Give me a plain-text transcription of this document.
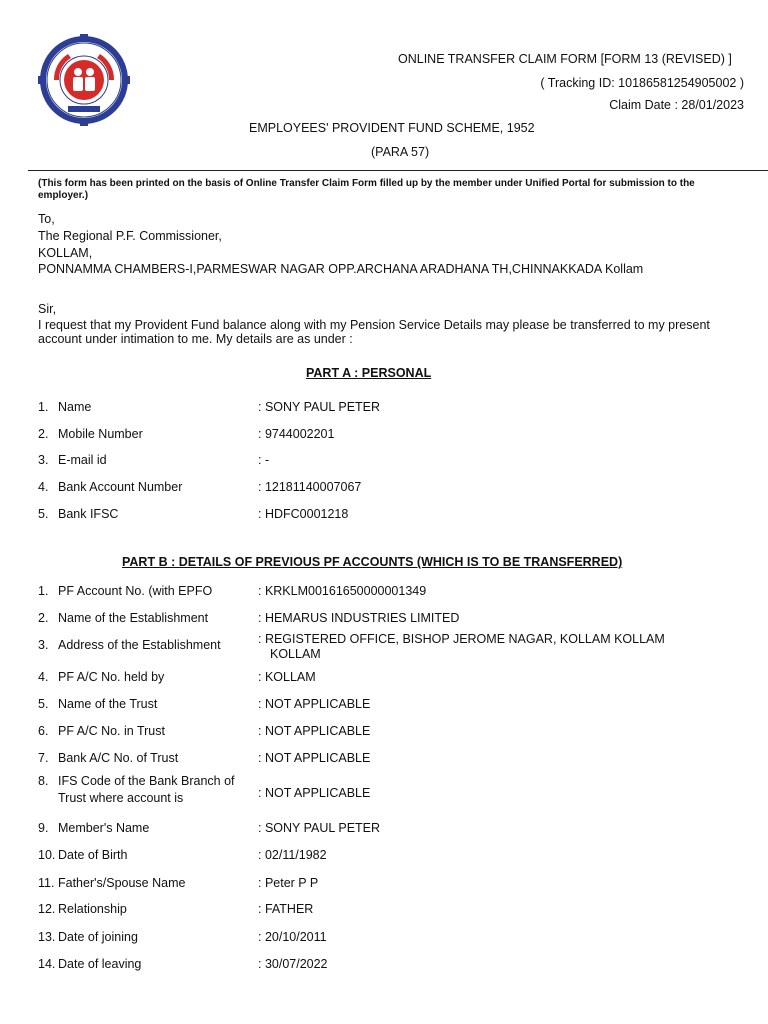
ONLINE TRANSFER CLAIM FORM [FORM 13 (REVISED) ]
( Tracking ID: 10186581254905002 )
Claim Date : 28/01/2023
EMPLOYEES' PROVIDENT FUND SCHEME, 1952
(PARA 57)
(This form has been printed on the basis of Online Transfer Claim Form filled up by the member under Unified Portal for submission to the employer.)
To,
The Regional P.F. Commissioner,
KOLLAM,
PONNAMMA CHAMBERS-I,PARMESWAR NAGAR OPP.ARCHANA ARADHANA TH,CHINNAKKADA Kollam
Sir,
I request that my Provident Fund balance along with my Pension Service Details may please be transferred to my present
account under intimation to me. My details are as under :
PART A : PERSONAL
1. Name	: SONY PAUL PETER
2. Mobile Number	: 9744002201
3. E-mail id	: -
4. Bank Account Number	: 12181140007067
5. Bank IFSC	: HDFC0001218
PART B : DETAILS OF PREVIOUS PF ACCOUNTS (WHICH IS TO BE TRANSFERRED)
1. PF Account No. (with EPFO	: KRKLM00161650000001349
2. Name of the Establishment	: HEMARUS INDUSTRIES LIMITED
3. Address of the Establishment	: REGISTERED OFFICE, BISHOP JEROME NAGAR, KOLLAM KOLLAM
KOLLAM
4. PF A/C No. held by	: KOLLAM
5. Name of the Trust	: NOT APPLICABLE
6. PF A/C No. in Trust	: NOT APPLICABLE
7. Bank A/C No. of Trust	: NOT APPLICABLE
8. IFS Code of the Bank Branch of
Trust where account is	: NOT APPLICABLE
9. Member's Name	: SONY PAUL PETER
10. Date of Birth	: 02/11/1982
11. Father's/Spouse Name	: Peter P P
12. Relationship	: FATHER
13. Date of joining	: 20/10/2011
14. Date of leaving	: 30/07/2022
